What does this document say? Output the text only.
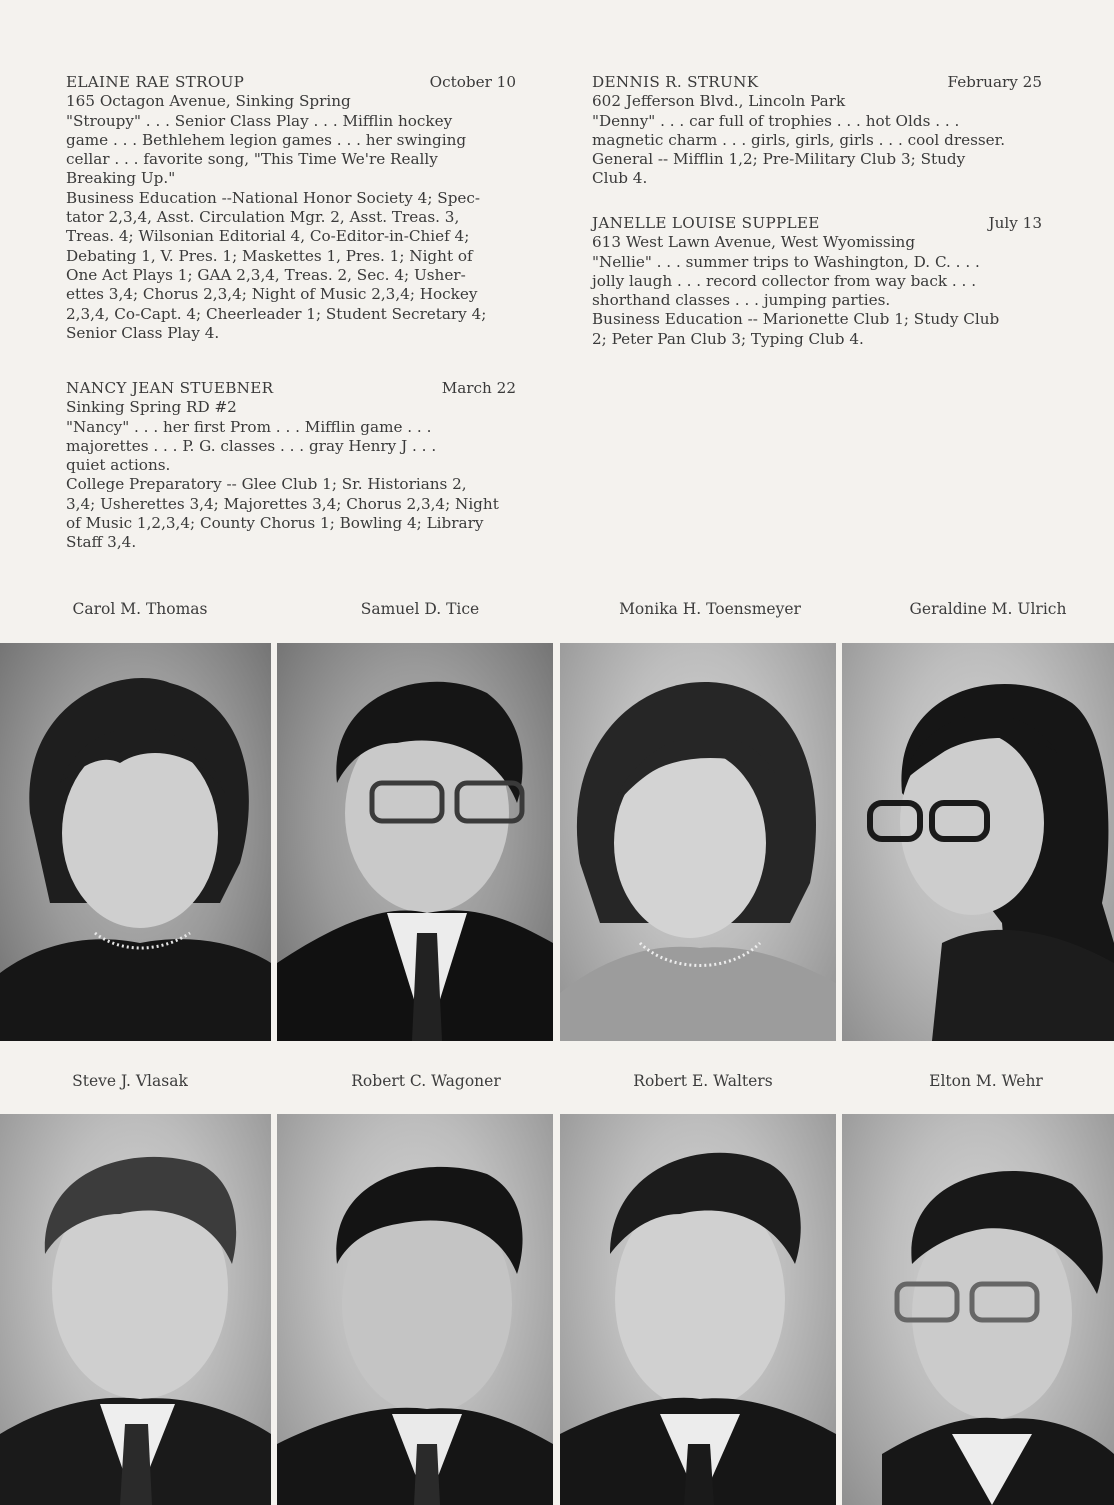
ELAINE RAE STROUP	October 10

165 Octagon Avenue, Sinking Spring

"Stroupy" . . . Senior Class Play . . . Mifflin hockey

game . . . Bethlehem legion games . . . her swinging

cellar . . . favorite song, "This Time We're Really

Breaking Up."

Business Education --National Honor Society 4; Spec-

tator 2,3,4, Asst. Circulation Mgr. 2, Asst. Treas. 3,

Treas. 4; Wilsonian Editorial 4, Co-Editor-in-Chief 4;

Debating 1, V. Pres. 1; Maskettes 1, Pres. 1; Night of

One Act Plays 1; GAA 2,3,4, Treas. 2, Sec. 4; Usher-

ettes 3,4; Chorus 2,3,4; Night of Music 2,3,4; Hockey

2,3,4, Co-Capt. 4; Cheerleader 1; Student Secretary 4;

Senior Class Play 4.

NANCY JEAN STUEBNER	March 22

Sinking Spring RD #2

"Nancy" . . . her first Prom . . . Mifflin game . . .

majorettes . . . P. G. classes . . . gray Henry J . . .

quiet actions.

College Preparatory -- Glee Club 1; Sr. Historians 2,

3,4; Usherettes 3,4; Majorettes 3,4; Chorus 2,3,4; Night

of Music 1,2,3,4; County Chorus 1; Bowling 4; Library

Staff 3,4.

DENNIS R. STRUNK	February 25

602 Jefferson Blvd., Lincoln Park

"Denny" . . . car full of trophies . . . hot Olds . . .

magnetic charm . . . girls, girls, girls . . . cool dresser.

General -- Mifflin 1,2; Pre-Military Club 3; Study

Club 4.

JANELLE LOUISE SUPPLEE	July 13

613 West Lawn Avenue, West Wyomissing

"Nellie" . . . summer trips to Washington, D. C. . . .

jolly laugh . . . record collector from way back . . .

shorthand classes . . . jumping parties.

Business Education -- Marionette Club 1; Study Club

2; Peter Pan Club 3; Typing Club 4.

Carol M. Thomas	Samuel D. Tice	Monika H. Toensmeyer	Geraldine M. Ulrich
Steve J. Vlasak	Robert C. Wagoner	Robert E. Walters	Elton M. Wehr
